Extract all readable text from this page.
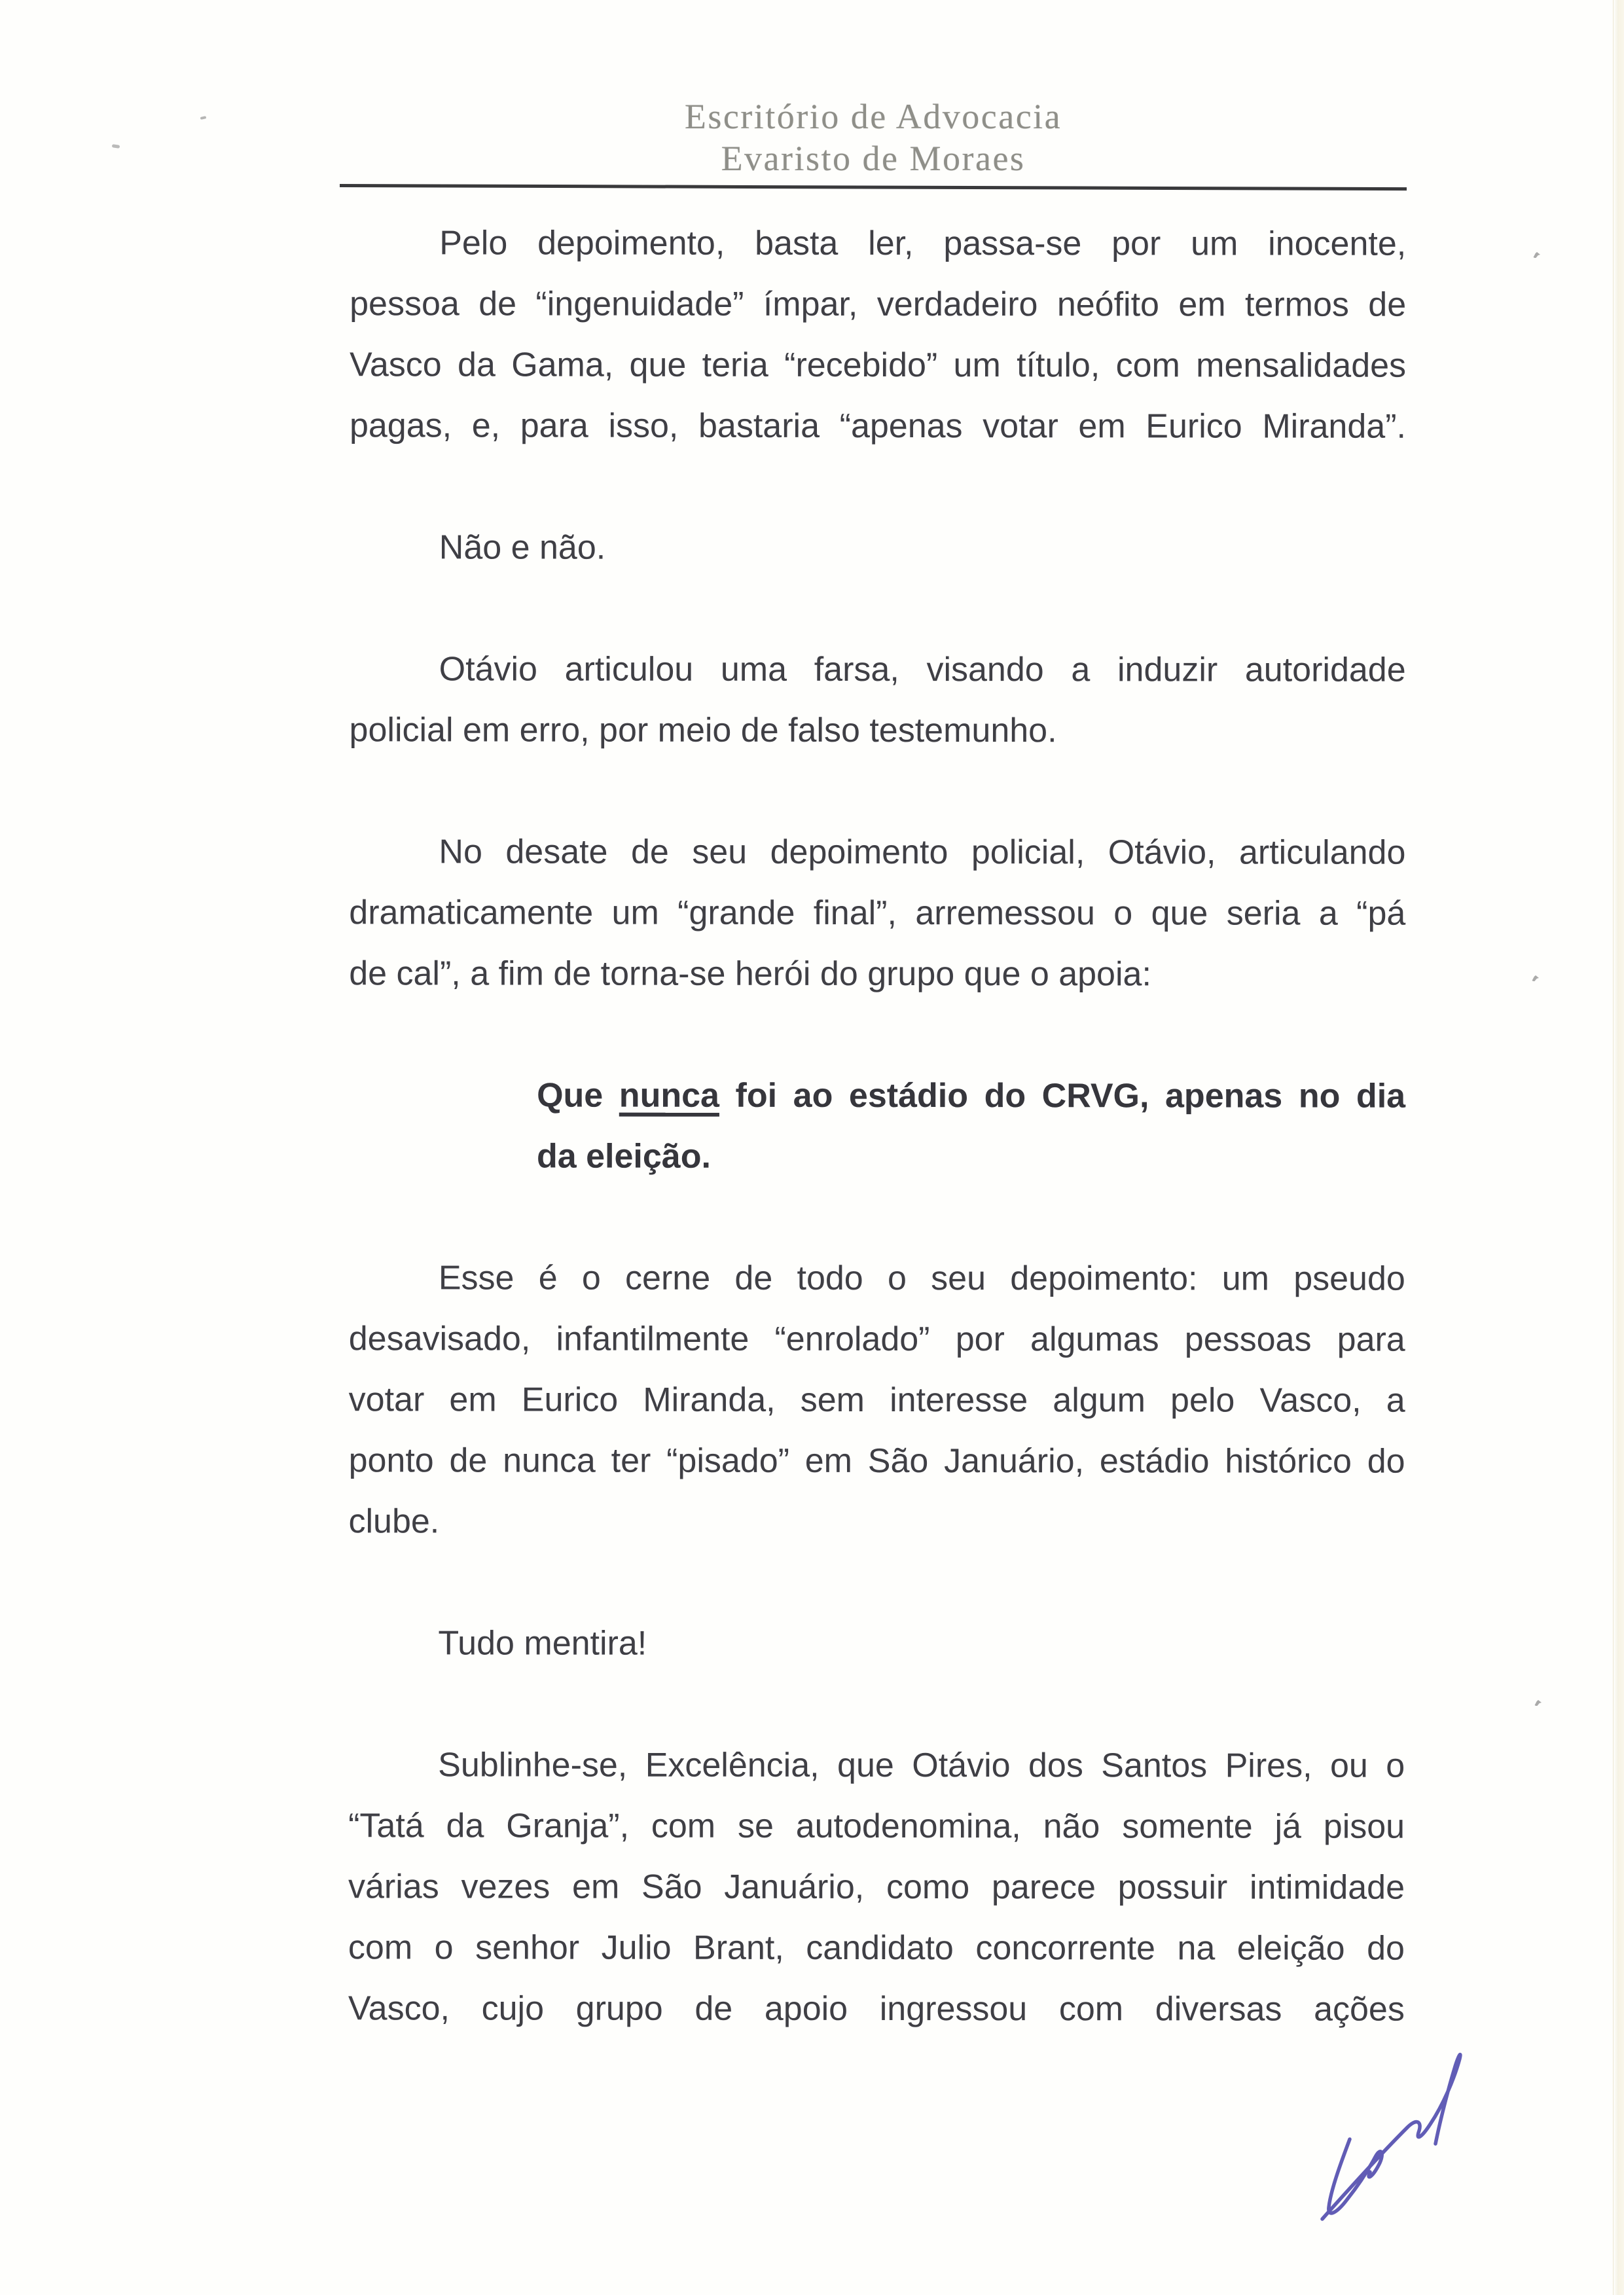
Escritório de Advocacia
Evaristo de Moraes
Pelo depoimento, basta ler, passa-se por um inocente,
pessoa de “ingenuidade” ímpar, verdadeiro neófito em termos de
Vasco da Gama, que teria “recebido” um título, com mensalidades
pagas, e, para isso, bastaria “apenas votar em Eurico Miranda”.
Não e não.
Otávio articulou uma farsa, visando a induzir autoridade
policial em erro, por meio de falso testemunho.
No desate de seu depoimento policial, Otávio, articulando
dramaticamente um “grande final”, arremessou o que seria a “pá
de cal”, a fim de torna-se herói do grupo que o apoia:
Que nunca foi ao estádio do CRVG, apenas no dia
da eleição.
Esse é o cerne de todo o seu depoimento: um pseudo
desavisado, infantilmente “enrolado” por algumas pessoas para
votar em Eurico Miranda, sem interesse algum pelo Vasco, a
ponto de nunca ter “pisado” em São Januário, estádio histórico do
clube.
Tudo mentira!
Sublinhe-se, Excelência, que Otávio dos Santos Pires, ou o
“Tatá da Granja”, com se autodenomina, não somente já pisou
várias vezes em São Januário, como parece possuir intimidade
com o senhor Julio Brant, candidato concorrente na eleição do
Vasco, cujo grupo de apoio ingressou com diversas ações
